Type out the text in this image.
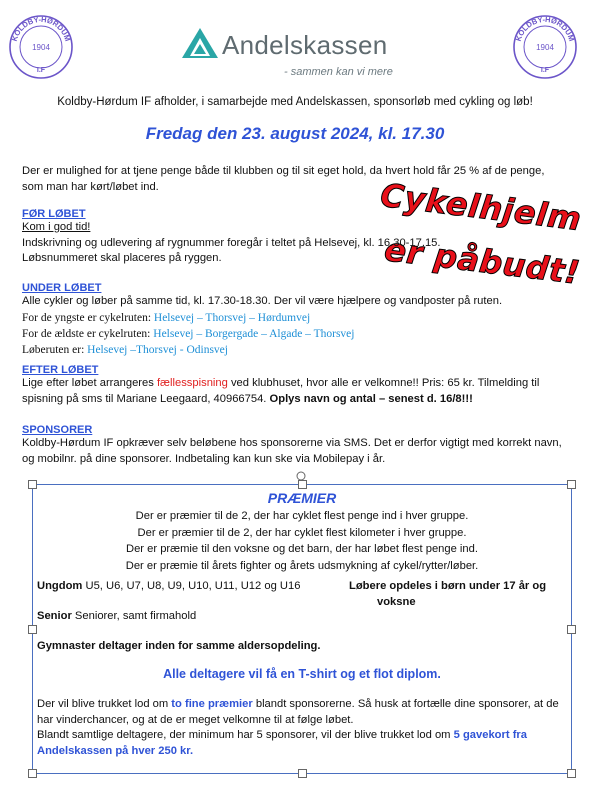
KOLDBY-HØRDUM
1904
I.F
KOLDBY-HØRDUM
1904
I.F
Andelskassen
- sammen kan vi mere
Koldby-Hørdum IF afholder, i samarbejde med Andelskassen, sponsorløb med cykling og løb!
Fredag den 23. august 2024, kl. 17.30
Der er mulighed for at tjene penge både til klubben og til sit eget hold, da hvert hold får 25 % af de penge,
som man har kørt/løbet ind.	Cykelhjelm
er påbudt!
FØR LØBET
Kom i god tid!
Indskrivning og udlevering af rygnummer foregår i teltet på Helsevej, kl. 16.30-17.15.
Løbsnummeret skal placeres på ryggen.
UNDER LØBET
Alle cykler og løber på samme tid, kl. 17.30-18.30. Der vil være hjælpere og vandposter på ruten.
For de yngste er cykelruten: Helsevej – Thorsvej – Hørdumvej
For de ældste er cykelruten: Helsevej – Borgergade – Algade – Thorsvej
Løberuten er: Helsevej –Thorsvej - Odinsvej
EFTER LØBET
Lige efter løbet arrangeres fællesspisning ved klubhuset, hvor alle er velkomne!! Pris: 65 kr. Tilmelding til
spisning på sms til Mariane Leegaard, 40966754. Oplys navn og antal – senest d. 16/8!!!
SPONSORER
Koldby-Hørdum IF opkræver selv beløbene hos sponsorerne via SMS. Det er derfor vigtigt med korrekt navn,
og mobilnr. på dine sponsorer. Indbetaling kan kun ske via Mobilepay i år.
PRÆMIER
Der er præmier til de 2, der har cyklet flest penge ind i hver gruppe.
Der er præmier til de 2, der har cyklet flest kilometer i hver gruppe.
Der er præmie til den voksne og det barn, der har løbet flest penge ind.
Der er præmie til årets fighter og årets udsmykning af cykel/rytter/løber.
Ungdom U5, U6, U7, U8, U9, U10, U11, U12 og U16	Løbere opdeles i børn under 17 år og
voksne
Senior Seniorer, samt firmahold
Gymnaster deltager inden for samme aldersopdeling.
Alle deltagere vil få en T-shirt og et flot diplom.
Der vil blive trukket lod om to fine præmier blandt sponsorerne. Så husk at fortælle dine sponsorer, at de
har vinderchancer, og at de er meget velkomne til at følge løbet.
Blandt samtlige deltagere, der minimum har 5 sponsorer, vil der blive trukket lod om 5 gavekort fra
Andelskassen på hver 250 kr.
